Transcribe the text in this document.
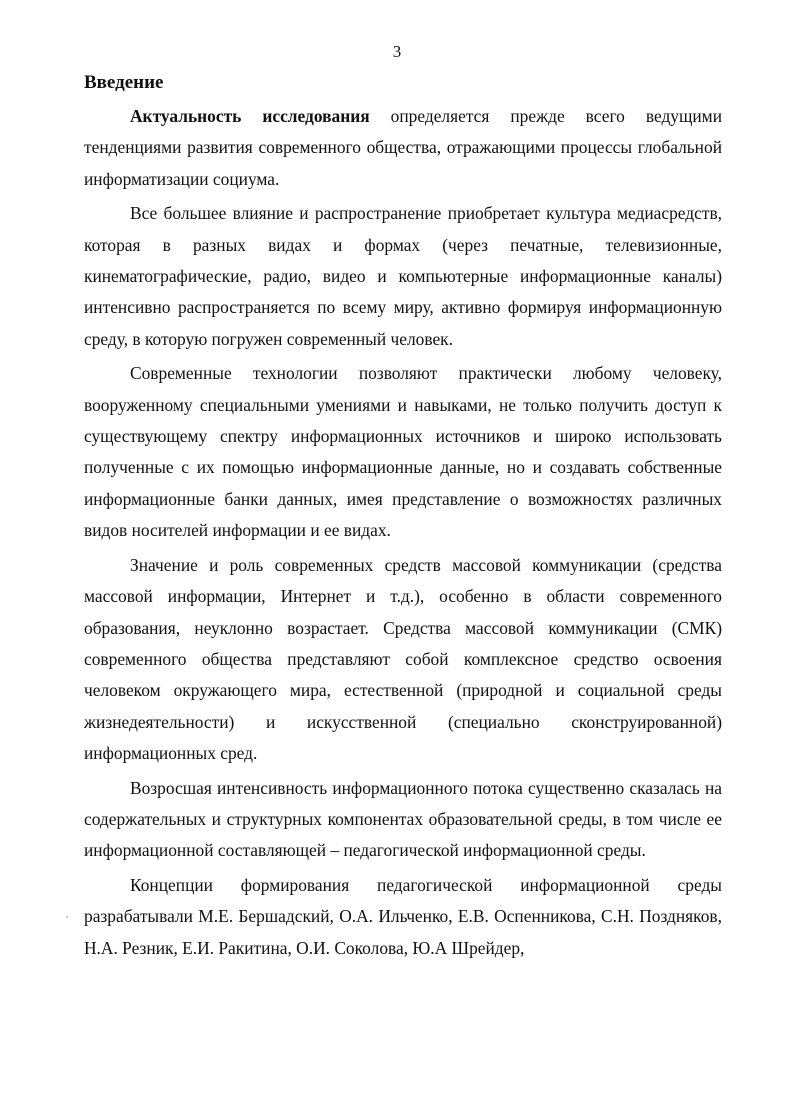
3
Введение

Актуальность исследования определяется прежде всего ведущими тенденциями развития современного общества, отражающими процессы глобальной информатизации социума.

Все большее влияние и распространение приобретает культура медиасредств, которая в разных видах и формах (через печатные, телевизионные, кинематографические, радио, видео и компьютерные информационные каналы) интенсивно распространяется по всему миру, активно формируя информационную среду, в которую погружен современный человек.

Современные технологии позволяют практически любому человеку, вооруженному специальными умениями и навыками, не только получить доступ к существующему спектру информационных источников и широко использовать полученные с их помощью информационные данные, но и создавать собственные информационные банки данных, имея представление о возможностях различных видов носителей информации и ее видах.

Значение и роль современных средств массовой коммуникации (средства массовой информации, Интернет и т.д.), особенно в области современного образования, неуклонно возрастает. Средства массовой коммуникации (СМК) современного общества представляют собой комплексное средство освоения человеком окружающего мира, естественной (природной и социальной среды жизнедеятельности) и искусственной (специально сконструированной) информационных сред.

Возросшая интенсивность информационного потока существенно сказалась на содержательных и структурных компонентах образовательной среды, в том числе ее информационной составляющей – педагогической информационной среды.

Концепции формирования педагогической информационной среды разрабатывали М.Е. Бершадский, О.А. Ильченко, Е.В. Оспенникова, С.Н. Поздняков, Н.А. Резник, Е.И. Ракитина, О.И. Соколова, Ю.А Шрейдер,
